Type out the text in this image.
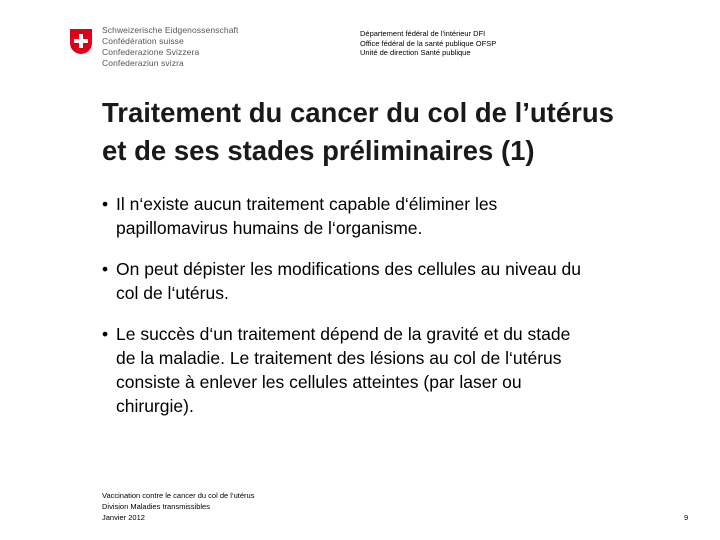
Schweizerische Eidgenossenschaft
Confédération suisse
Confederazione Svizzera
Confederaziun svizra
Département fédéral de l'intérieur DFI
Office fédéral de la santé publique OFSP
Unité de direction Santé publique
Traitement du cancer du col de l’utérus
et de ses stades préliminaires (1)
• Il n‘existe aucun traitement capable d‘éliminer les
papillomavirus humains de l‘organisme.
• On peut dépister les modifications des cellules au niveau du
col de l‘utérus.
• Le succès d‘un traitement dépend de la gravité et du stade
de la maladie. Le traitement des lésions au col de l‘utérus
consiste à enlever les cellules atteintes (par laser ou
chirurgie).
Vaccination contre le cancer du col de l‘utérus
Division Maladies transmissibles
Janvier 2012	9
